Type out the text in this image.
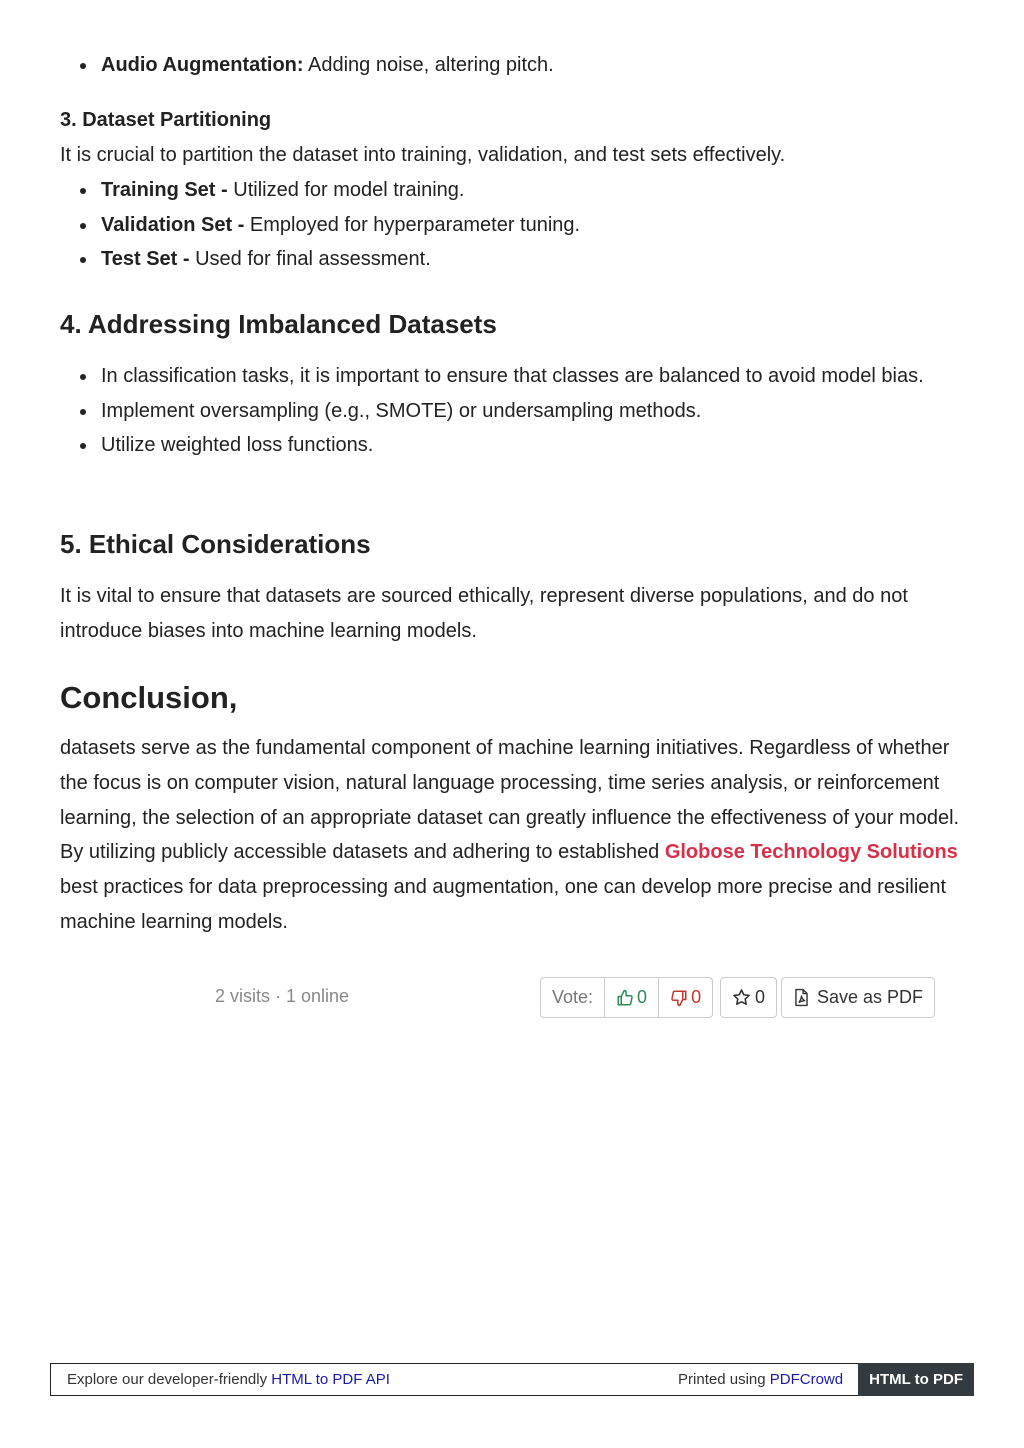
Audio Augmentation: Adding noise, altering pitch.
3. Dataset Partitioning
It is crucial to partition the dataset into training, validation, and test sets effectively.
Training Set - Utilized for model training.
Validation Set - Employed for hyperparameter tuning.
Test Set - Used for final assessment.
4. Addressing Imbalanced Datasets
In classification tasks, it is important to ensure that classes are balanced to avoid model bias.
Implement oversampling (e.g., SMOTE) or undersampling methods.
Utilize weighted loss functions.
5. Ethical Considerations
It is vital to ensure that datasets are sourced ethically, represent diverse populations, and do not introduce biases into machine learning models.
Conclusion,
datasets serve as the fundamental component of machine learning initiatives. Regardless of whether the focus is on computer vision, natural language processing, time series analysis, or reinforcement learning, the selection of an appropriate dataset can greatly influence the effectiveness of your model. By utilizing publicly accessible datasets and adhering to established Globose Technology Solutions best practices for data preprocessing and augmentation, one can develop more precise and resilient machine learning models.
2 visits · 1 online	Vote:	0 0	0	Save as PDF
Explore our developer-friendly HTML to PDF API	Printed using PDFCrowd	HTML to PDF
